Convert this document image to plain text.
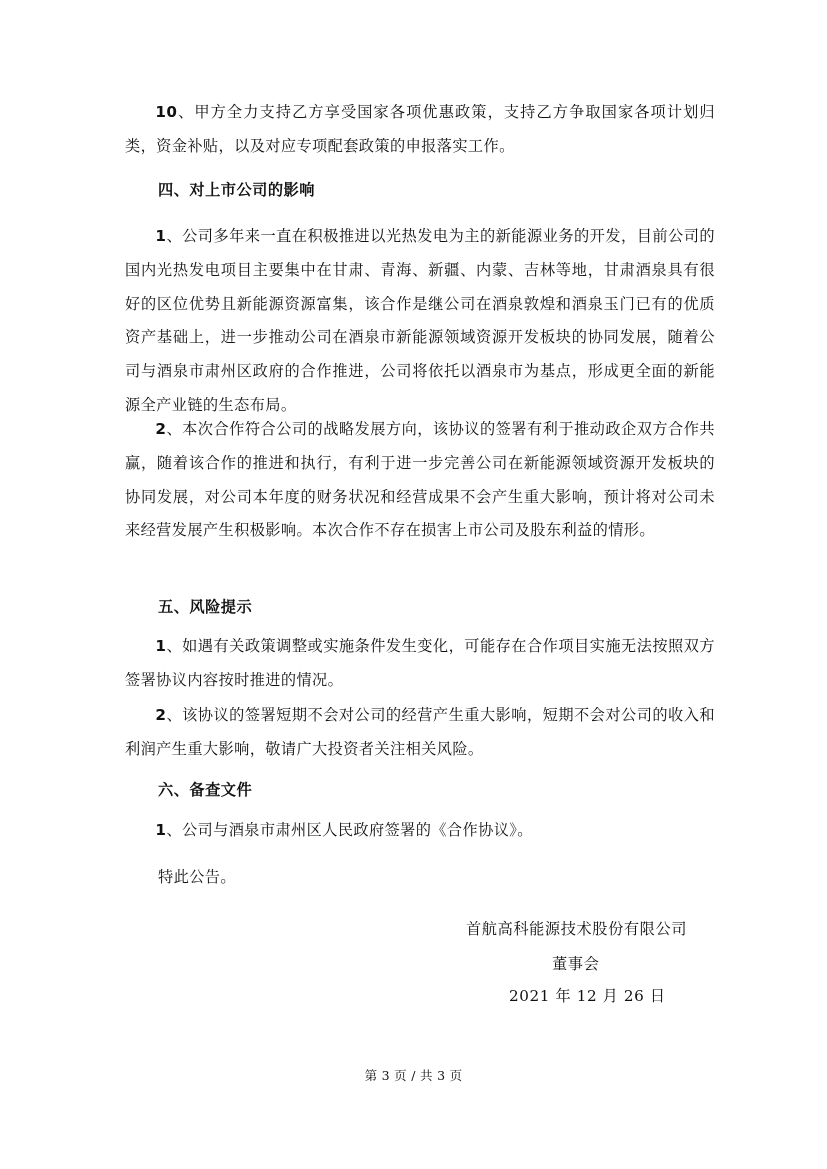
10、甲方全力支持乙方享受国家各项优惠政策，支持乙方争取国家各项计划归类，资金补贴，以及对应专项配套政策的申报落实工作。

四、对上市公司的影响

1、公司多年来一直在积极推进以光热发电为主的新能源业务的开发，目前公司的国内光热发电项目主要集中在甘肃、青海、新疆、内蒙、吉林等地，甘肃酒泉具有很好的区位优势且新能源资源富集，该合作是继公司在酒泉敦煌和酒泉玉门已有的优质资产基础上，进一步推动公司在酒泉市新能源领域资源开发板块的协同发展，随着公司与酒泉市肃州区政府的合作推进，公司将依托以酒泉市为基点，形成更全面的新能源全产业链的生态布局。

2、本次合作符合公司的战略发展方向，该协议的签署有利于推动政企双方合作共赢，随着该合作的推进和执行，有利于进一步完善公司在新能源领域资源开发板块的协同发展，对公司本年度的财务状况和经营成果不会产生重大影响，预计将对公司未来经营发展产生积极影响。本次合作不存在损害上市公司及股东利益的情形。

五、风险提示

1、如遇有关政策调整或实施条件发生变化，可能存在合作项目实施无法按照双方签署协议内容按时推进的情况。

2、该协议的签署短期不会对公司的经营产生重大影响，短期不会对公司的收入和利润产生重大影响，敬请广大投资者关注相关风险。

六、备查文件

1、公司与酒泉市肃州区人民政府签署的《合作协议》。

特此公告。

首航高科能源技术股份有限公司

董事会

2021 年 12 月 26 日

第 3 页 / 共 3 页
